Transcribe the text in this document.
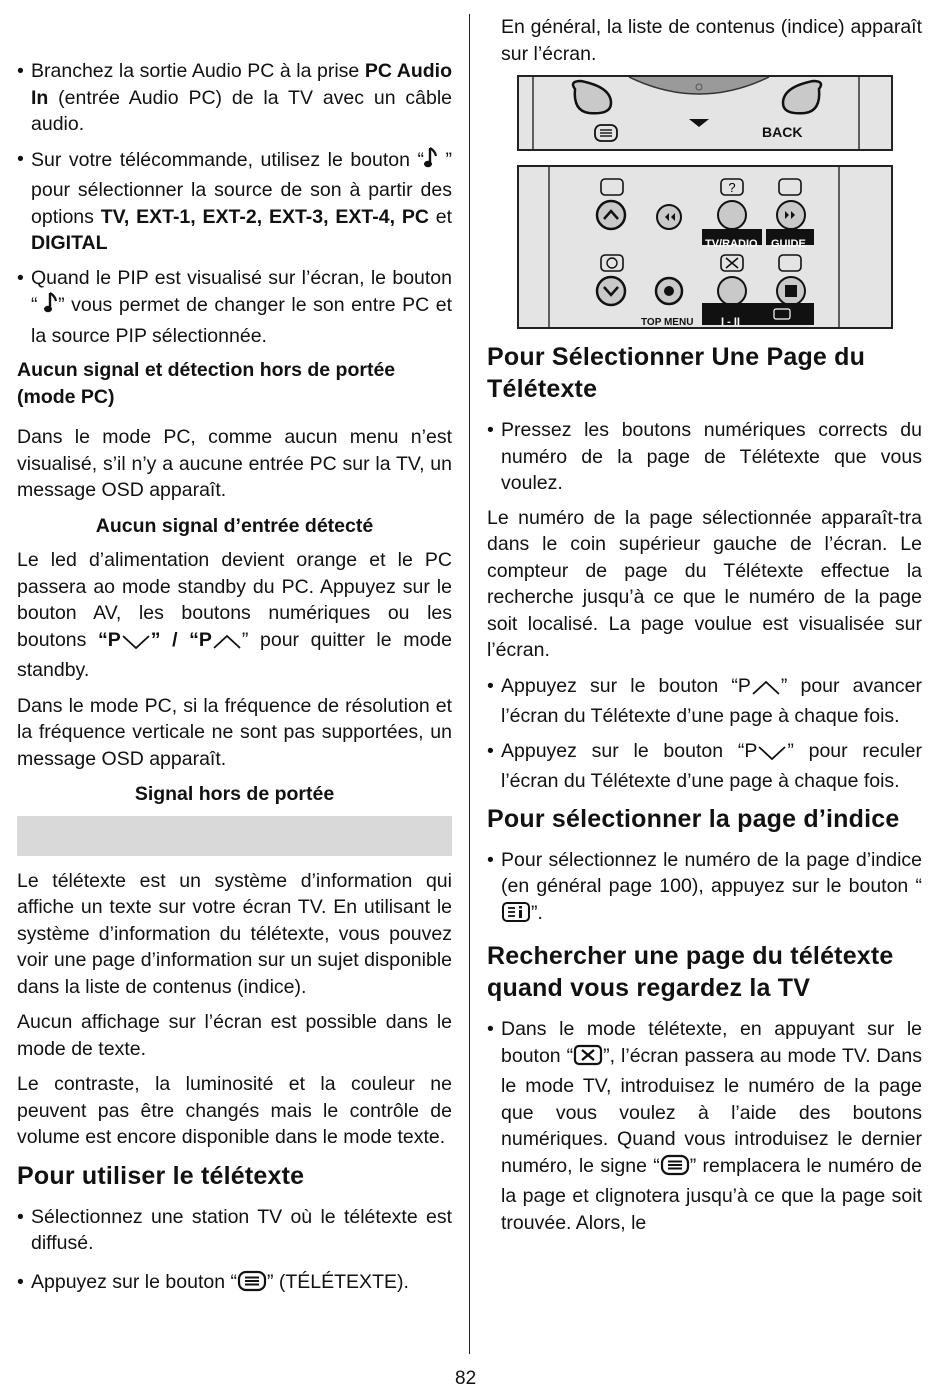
• Branchez la sortie Audio PC à la prise PC Audio In (entrée Audio PC) de la TV avec un câble audio.
• Sur votre télécommande, utilisez le bouton “ ” pour sélectionner la source de son à partir des options TV, EXT-1, EXT-2, EXT-3, EXT-4, PC et DIGITAL
• Quand le PIP est visualisé sur l’écran, le bouton “ ” vous permet de changer le son entre PC et la source PIP sélectionnée.
Aucun signal et détection hors de portée (mode PC)

Dans le mode PC, comme aucun menu n’est visualisé, s’il n’y a aucune entrée PC sur la TV, un message OSD apparaît.

Aucun signal d’entrée détecté

Le led d’alimentation devient orange et le PC passera ao mode standby du PC. Appuyez sur le bouton AV, les boutons numériques ou les boutons “P ” / “P ” pour quitter le mode standby.

Dans le mode PC, si la fréquence de résolution et la fréquence verticale ne sont pas supportées, un message OSD apparaît.

Signal hors de portée

Le télétexte est un système d’information qui affiche un texte sur votre écran TV. En utilisant le système d’information du télétexte, vous pouvez voir une page d’information sur un sujet disponible dans la liste de contenus (indice).

Aucun affichage sur l’écran est possible dans le mode de texte.

Le contraste, la luminosité et la couleur ne peuvent pas être changés mais le contrôle de volume est encore disponible dans le mode texte.

Pour utiliser le télétexte
• Sélectionnez une station TV où le télétexte est diffusé.
• Appuyez sur le bouton “ ” (TÉLÉTEXTE).

En général, la liste de contenus (indice) apparaît sur l’écran.

BACK
?
TV/RADIO GUIDE
TOP MENU	I - II
Pour Sélectionner Une Page du Télétexte
• Pressez les boutons numériques corrects du numéro de la page de Télétexte que vous voulez.

Le numéro de la page sélectionnée apparaît-tra dans le coin supérieur gauche de l’écran. Le compteur de page du Télétexte effectue la recherche jusqu’à ce que le numéro de la page soit localisé. La page voulue est visualisée sur l’écran.

• Appuyez sur le bouton “P ” pour avancer l’écran du Télétexte d’une page à chaque fois.
• Appuyez sur le bouton “P ” pour reculer l’écran du Télétexte d’une page à chaque fois.
Pour sélectionner la page d’indice
• Pour sélectionnez le numéro de la page d’indice (en général page 100), appuyez sur le bouton “”.
Rechercher une page du télétexte quand vous regardez la TV
• Dans le mode télétexte, en appuyant sur le bouton “ ”, l’écran passera au mode TV. Dans le mode TV, introduisez le numéro de la page que vous voulez à l’aide des boutons numériques. Quand vous introduisez le dernier numéro, le signe “ ” remplacera le numéro de la page et clignotera jusqu’à ce que la page soit trouvée. Alors, le
82
